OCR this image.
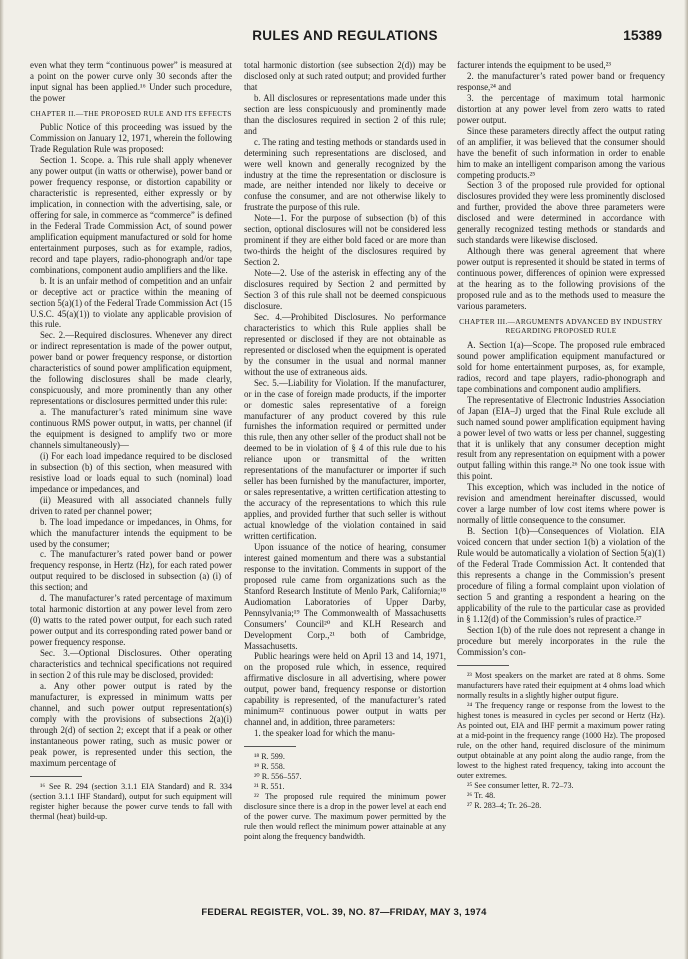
RULES AND REGULATIONS	15389

even what they term “continuous power” is measured at a point on the power curve only 30 seconds after the input signal has been applied.¹⁶ Under such procedure, the power

CHAPTER II.—THE PROPOSED RULE AND ITS EFFECTS

Public Notice of this proceeding was issued by the Commission on January 12, 1971, wherein the following Trade Regulation Rule was proposed:

Section 1. Scope. a. This rule shall apply whenever any power output (in watts or otherwise), power band or power frequency response, or distortion capability or characteristic is represented, either expressly or by implication, in connection with the advertising, sale, or offering for sale, in commerce as “commerce” is defined in the Federal Trade Commission Act, of sound power amplification equipment manufactured or sold for home entertainment purposes, such as for example, radios, record and tape players, radio-phonograph and/or tape combinations, component audio amplifiers and the like.

b. It is an unfair method of competition and an unfair or deceptive act or practice within the meaning of section 5(a)(1) of the Federal Trade Commission Act (15 U.S.C. 45(a)(1)) to violate any applicable provision of this rule.

Sec. 2.—Required disclosures. Whenever any direct or indirect representation is made of the power output, power band or power frequency response, or distortion characteristics of sound power amplification equipment, the following disclosures shall be made clearly, conspicuously, and more prominently than any other representations or disclosures permitted under this rule:

a. The manufacturer’s rated minimum sine wave continuous RMS power output, in watts, per channel (if the equipment is designed to amplify two or more channels simultaneously)—

(i) For each load impedance required to be disclosed in subsection (b) of this section, when measured with resistive load or loads equal to such (nominal) load impedance or impedances, and

(ii) Measured with all associated channels fully driven to rated per channel power;

b. The load impedance or impedances, in Ohms, for which the manufacturer intends the equipment to be used by the consumer;

c. The manufacturer’s rated power band or power frequency response, in Hertz (Hz), for each rated power output required to be disclosed in subsection (a) (i) of this section; and

d. The manufacturer’s rated percentage of maximum total harmonic distortion at any power level from zero (0) watts to the rated power output, for each such rated power output and its corresponding rated power band or power frequency response.

Sec. 3.—Optional Disclosures. Other operating characteristics and technical specifications not required in section 2 of this rule may be disclosed, provided:

a. Any other power output is rated by the manufacturer, is expressed in minimum watts per channel, and such power output representation(s) comply with the provisions of subsections 2(a)(i) through 2(d) of section 2; except that if a peak or other instantaneous power rating, such as music power or peak power, is represented under this section, the maximum percentage of

¹⁶ See R. 294 (section 3.1.1 EIA Standard) and R. 334 (section 3.1.1 IHF Standard), output for such equipment will register higher because the power curve tends to fall with thermal (heat) build-up.

total harmonic distortion (see subsection 2(d)) may be disclosed only at such rated output; and provided further that

b. All disclosures or representations made under this section are less conspicuously and prominently made than the disclosures required in section 2 of this rule; and

c. The rating and testing methods or standards used in determining such representations are disclosed, and were well known and generally recognized by the industry at the time the representation or disclosure is made, are neither intended nor likely to deceive or confuse the consumer, and are not otherwise likely to frustrate the purpose of this rule.

Note—1. For the purpose of subsection (b) of this section, optional disclosures will not be considered less prominent if they are either bold faced or are more than two-thirds the height of the disclosures required by Section 2.

Note—2. Use of the asterisk in effecting any of the disclosures required by Section 2 and permitted by Section 3 of this rule shall not be deemed conspicuous disclosure.

Sec. 4.—Prohibited Disclosures. No performance characteristics to which this Rule applies shall be represented or disclosed if they are not obtainable as represented or disclosed when the equipment is operated by the consumer in the usual and normal manner without the use of extraneous aids.

Sec. 5.—Liability for Violation. If the manufacturer, or in the case of foreign made products, if the importer or domestic sales representative of a foreign manufacturer of any product covered by this rule furnishes the information required or permitted under this rule, then any other seller of the product shall not be deemed to be in violation of § 4 of this rule due to his reliance upon or transmittal of the written representations of the manufacturer or importer if such seller has been furnished by the manufacturer, importer, or sales representative, a written certification attesting to the accuracy of the representations to which this rule applies, and provided further that such seller is without actual knowledge of the violation contained in said written certification.

Upon issuance of the notice of hearing, consumer interest gained momentum and there was a substantial response to the invitation. Comments in support of the proposed rule came from organizations such as the Stanford Research Institute of Menlo Park, California;¹⁸ Audiomation Laboratories of Upper Darby, Pennsylvania;¹⁹ The Commonwealth of Massachusetts Consumers’ Council²⁰ and KLH Research and Development Corp.,²¹ both of Cambridge, Massachusetts.

Public hearings were held on April 13 and 14, 1971, on the proposed rule which, in essence, required affirmative disclosure in all advertising, where power output, power band, frequency response or distortion capability is represented, of the manufacturer’s rated minimum²² continuous power output in watts per channel and, in addition, three parameters:

1. the speaker load for which the manu-

¹⁸ R. 599.

¹⁹ R. 558.

²⁰ R. 556–557.

²¹ R. 551.

²² The proposed rule required the minimum power disclosure since there is a drop in the power level at each end of the power curve. The maximum power permitted by the rule then would reflect the minimum power attainable at any point along the frequency bandwidth.

facturer intends the equipment to be used,²³

2. the manufacturer’s rated power band or frequency response,²⁴ and

3. the percentage of maximum total harmonic distortion at any power level from zero watts to rated power output.

Since these parameters directly affect the output rating of an amplifier, it was believed that the consumer should have the benefit of such information in order to enable him to make an intelligent comparison among the various competing products.²⁵

Section 3 of the proposed rule provided for optional disclosures provided they were less prominently disclosed and further, provided the above three parameters were disclosed and were determined in accordance with generally recognized testing methods or standards and such standards were likewise disclosed.

Although there was general agreement that where power output is represented it should be stated in terms of continuous power, differences of opinion were expressed at the hearing as to the following provisions of the proposed rule and as to the methods used to measure the various parameters.

CHAPTER III.—ARGUMENTS ADVANCED BY INDUSTRY REGARDING PROPOSED RULE

A. Section 1(a)—Scope. The proposed rule embraced sound power amplification equipment manufactured or sold for home entertainment purposes, as, for example, radios, record and tape players, radio-phonograph and tape combinations and component audio amplifiers.

The representative of Electronic Industries Association of Japan (EIA–J) urged that the Final Rule exclude all such named sound power amplification equipment having a power level of two watts or less per channel, suggesting that it is unlikely that any consumer deception might result from any representation on equipment with a power output falling within this range.²⁶ No one took issue with this point.

This exception, which was included in the notice of revision and amendment hereinafter discussed, would cover a large number of low cost items where power is normally of little consequence to the consumer.

B. Section 1(b)—Consequences of Violation. EIA voiced concern that under section 1(b) a violation of the Rule would be automatically a violation of Section 5(a)(1) of the Federal Trade Commission Act. It contended that this represents a change in the Commission’s present procedure of filing a formal complaint upon violation of section 5 and granting a respondent a hearing on the applicability of the rule to the particular case as provided in § 1.12(d) of the Commission’s rules of practice.²⁷

Section 1(b) of the rule does not represent a change in procedure but merely incorporates in the rule the Commission’s con-

²³ Most speakers on the market are rated at 8 ohms. Some manufacturers have rated their equipment at 4 ohms load which normally results in a slightly higher output figure.

²⁴ The frequency range or response from the lowest to the highest tones is measured in cycles per second or Hertz (Hz). As pointed out, EIA and IHF permit a maximum power rating at a mid-point in the frequency range (1000 Hz). The proposed rule, on the other hand, required disclosure of the minimum output obtainable at any point along the audio range, from the lowest to the highest rated frequency, taking into account the outer extremes.

²⁵ See consumer letter, R. 72–73.

²⁶ Tr. 48.

²⁷ R. 283–4; Tr. 26–28.

FEDERAL REGISTER, VOL. 39, NO. 87—FRIDAY, MAY 3, 1974
